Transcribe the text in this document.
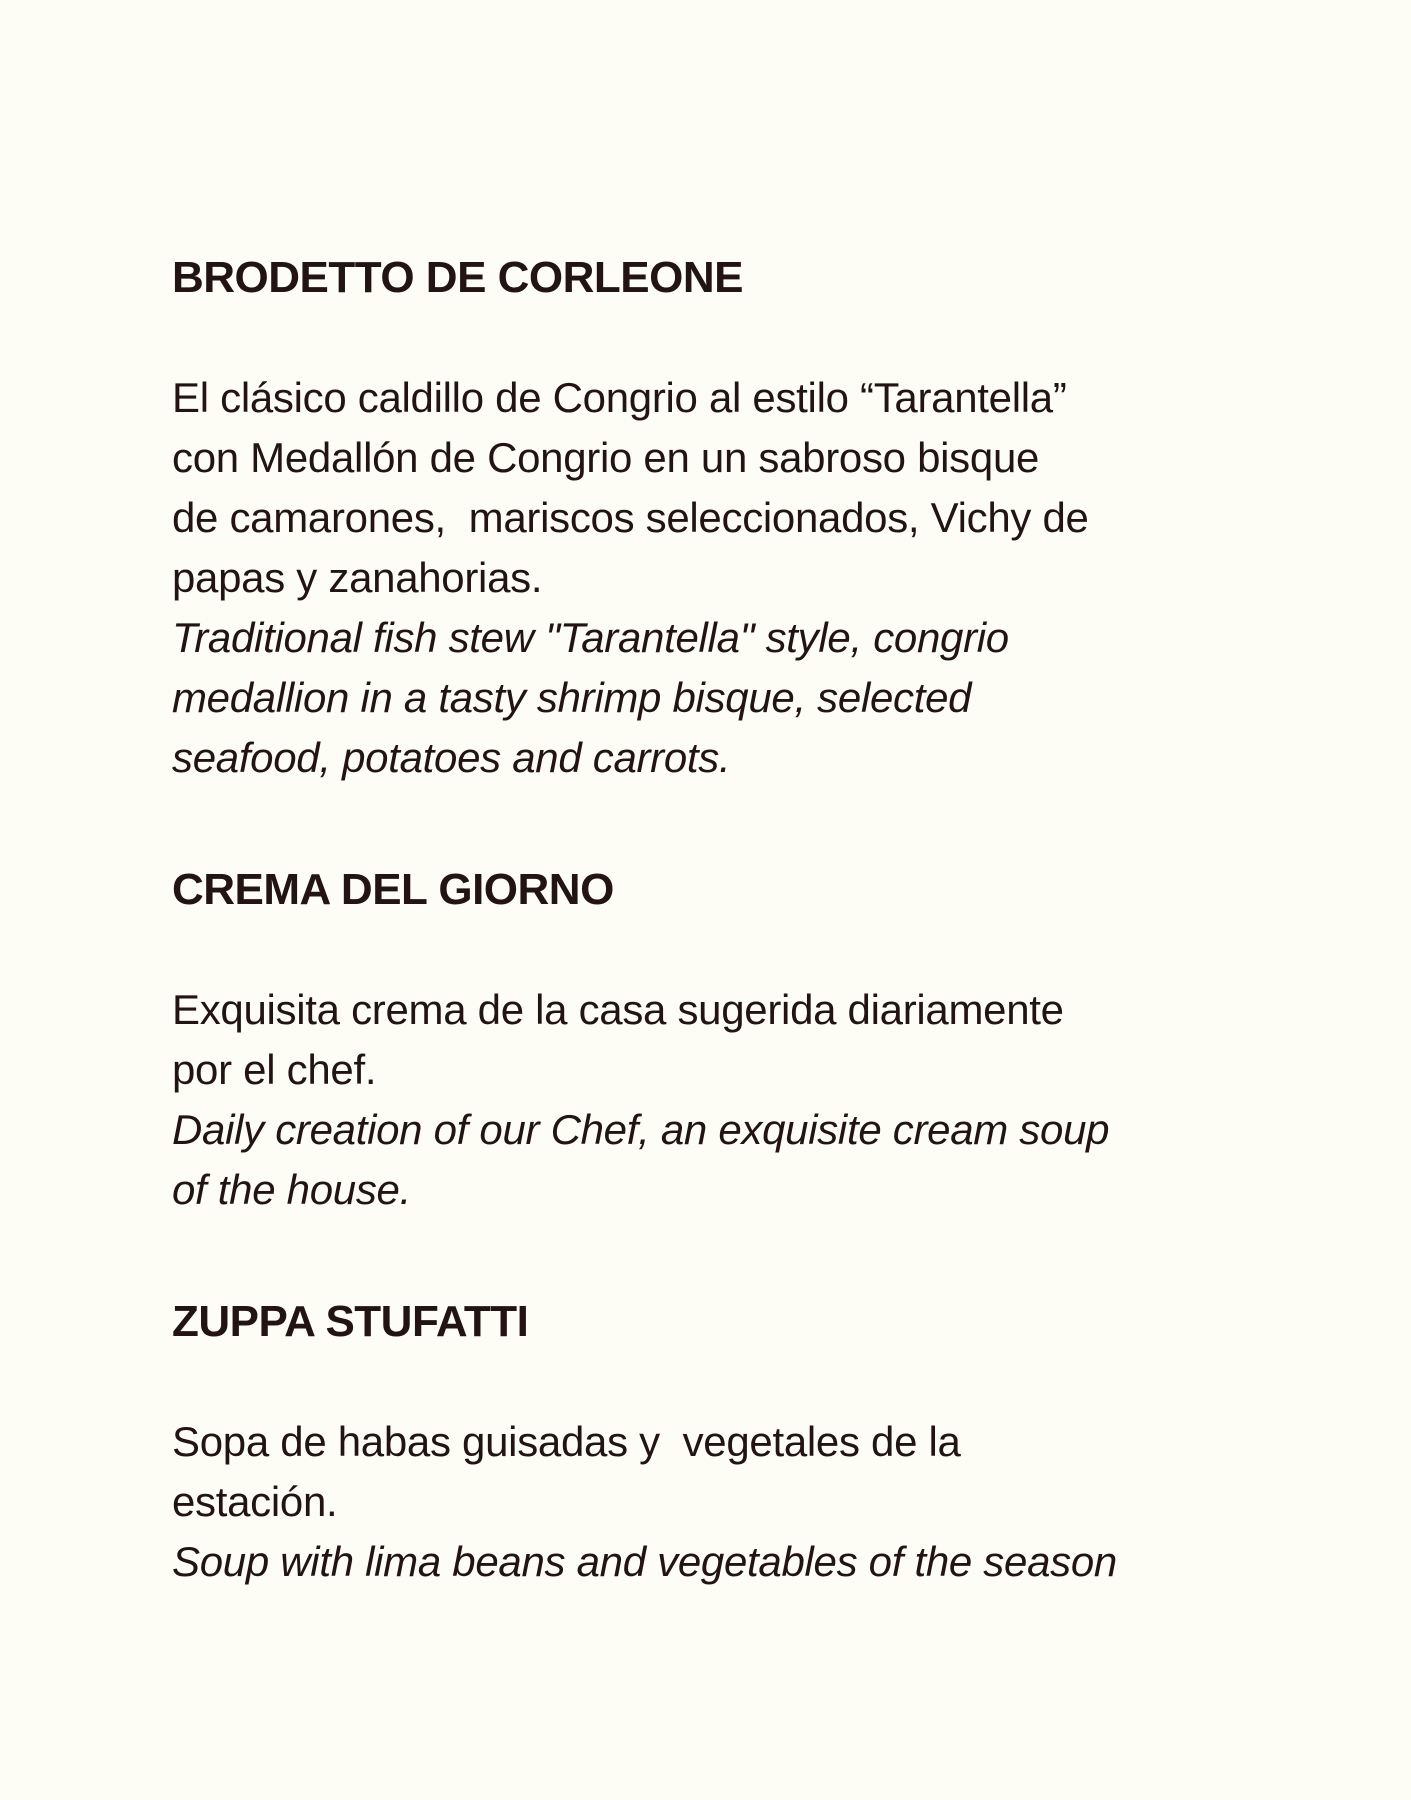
BRODETTO DE CORLEONE

El clásico caldillo de Congrio al estilo “Tarantella”
con Medallón de Congrio en un sabroso bisque
de camarones,  mariscos seleccionados, Vichy de
papas y zanahorias.

Traditional fish stew "Tarantella" style, congrio
medallion in a tasty shrimp bisque, selected
seafood, potatoes and carrots.

CREMA DEL GIORNO

Exquisita crema de la casa sugerida diariamente
por el chef.

Daily creation of our Chef, an exquisite cream soup
of the house.

ZUPPA STUFATTI

Sopa de habas guisadas y  vegetales de la
estación.

Soup with lima beans and vegetables of the season
